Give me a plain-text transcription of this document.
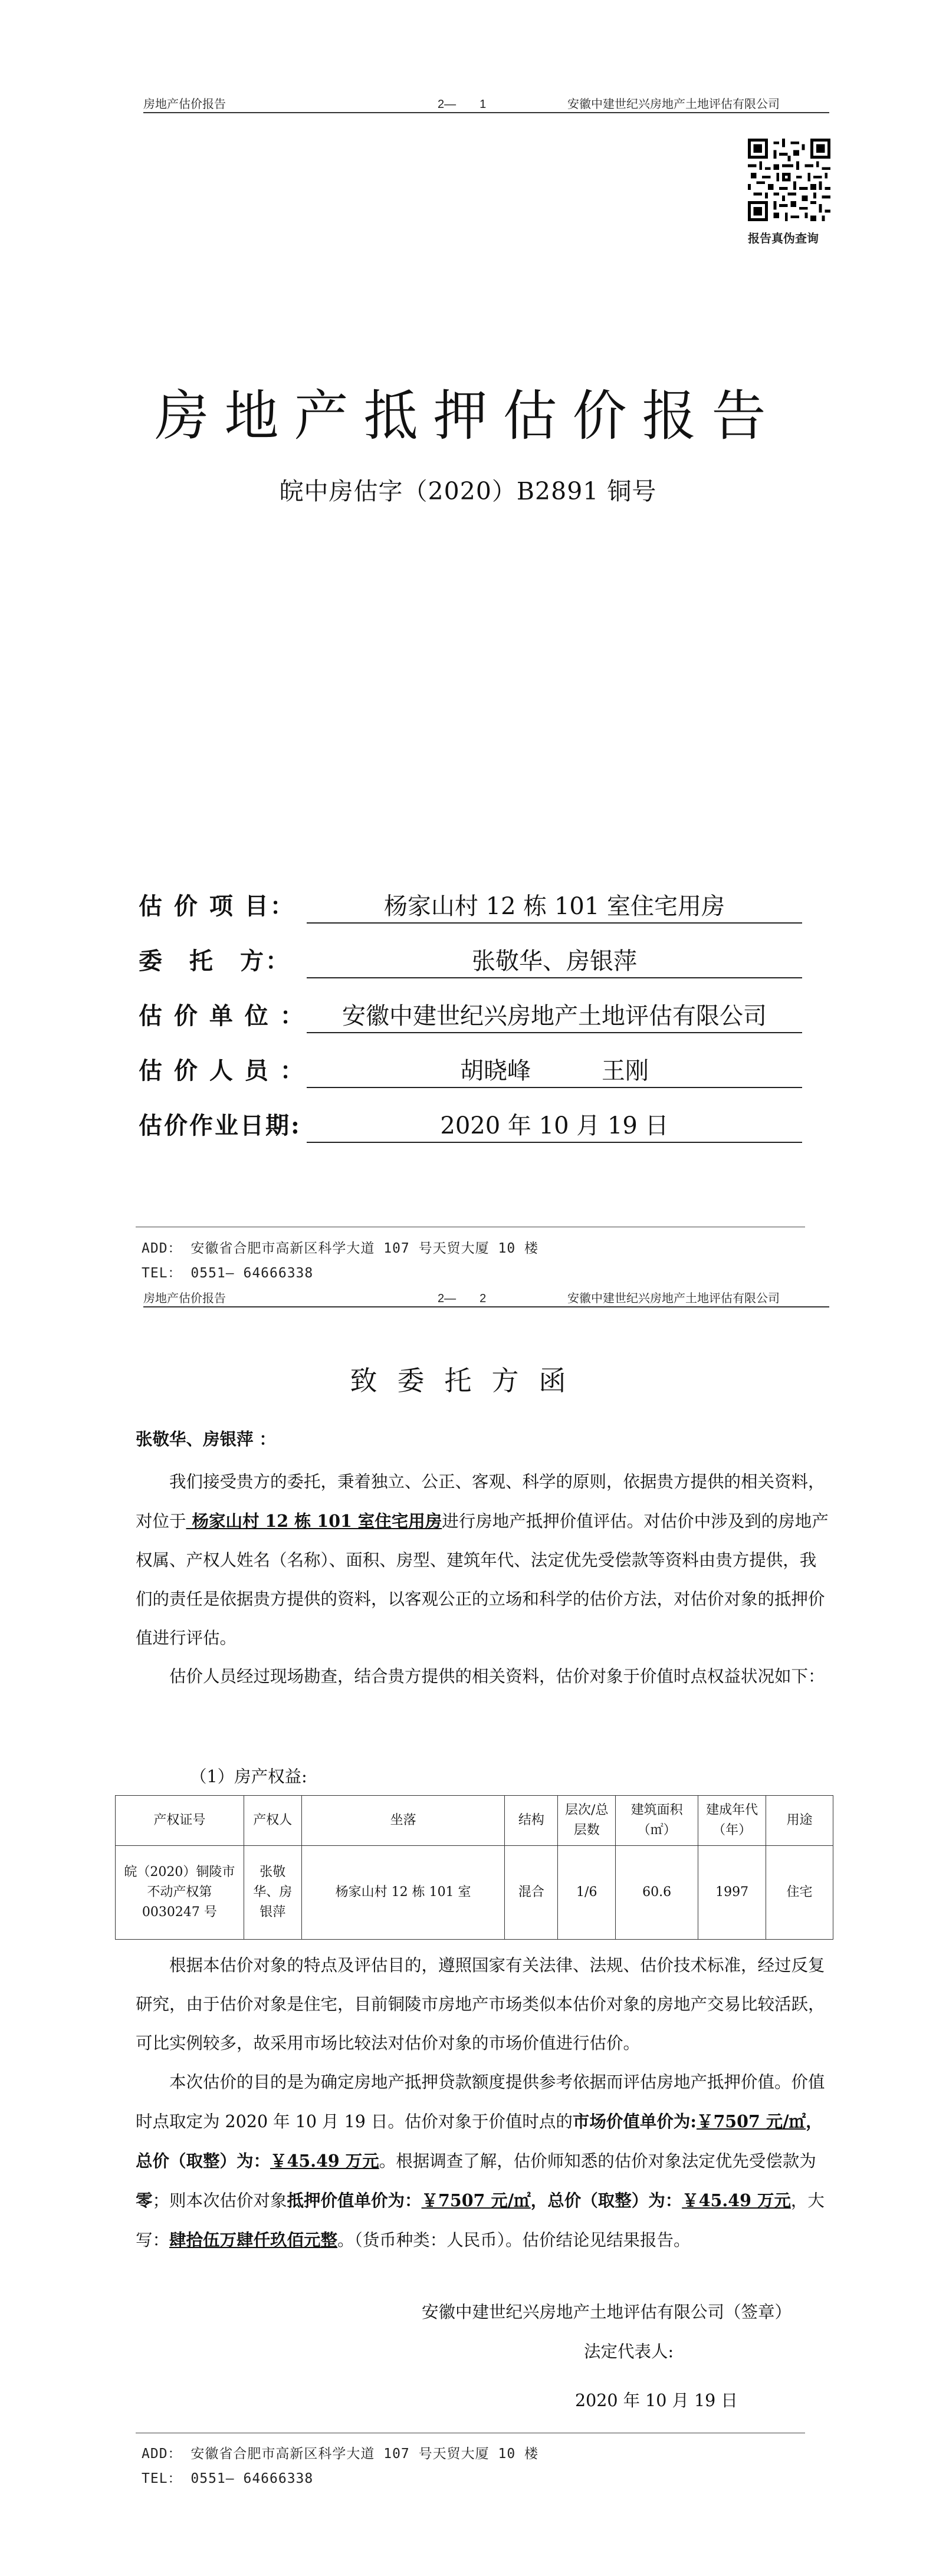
房地产估价报告	2—　　1	安徽中建世纪兴房地产土地评估有限公司
报告真伪查询
房地产抵押估价报告
皖中房估字（2020）B2891 铜号
估 价 项 目：	杨家山村 12 栋 101 室住宅用房
委　托　方：	张敬华、房银萍
估 价 单 位 ：	安徽中建世纪兴房地产土地评估有限公司
估 价 人 员 ：	胡晓峰　　　王刚
估价作业日期:	2020 年 10 月 19 日
ADD： 安徽省合肥市高新区科学大道 107 号天贸大厦 10 楼
TEL： 0551— 64666338
房地产估价报告	2—　　2	安徽中建世纪兴房地产土地评估有限公司
致委托方函
张敬华、房银萍 ：
我们接受贵方的委托，秉着独立、公正、客观、科学的原则，依据贵方提供的相关资料，对位于 杨家山村 12 栋 101 室住宅用房进行房地产抵押价值评估。对估价中涉及到的房地产权属、产权人姓名（名称）、面积、房型、建筑年代、法定优先受偿款等资料由贵方提供，我们的责任是依据贵方提供的资料，以客观公正的立场和科学的估价方法，对估价对象的抵押价值进行评估。
估价人员经过现场勘查，结合贵方提供的相关资料，估价对象于价值时点权益状况如下：
（1）房产权益:
产权证号	产权人	坐落	结构	层次/总层数	建筑面积（㎡）	建成年代（年）	用途
皖（2020）铜陵市不动产权第0030247 号	张敬华、房银萍	杨家山村 12 栋 101 室	混合	1/6	60.6	1997	住宅
根据本估价对象的特点及评估目的，遵照国家有关法律、法规、估价技术标准，经过反复研究，由于估价对象是住宅，目前铜陵市房地产市场类似本估价对象的房地产交易比较活跃，可比实例较多，故采用市场比较法对估价对象的市场价值进行估价。
本次估价的目的是为确定房地产抵押贷款额度提供参考依据而评估房地产抵押价值。价值时点取定为 2020 年 10 月 19 日。估价对象于价值时点的市场价值单价为:￥7507 元/㎡，总价（取整）为：￥45.49 万元。根据调查了解，估价师知悉的估价对象法定优先受偿款为零；则本次估价对象抵押价值单价为：￥7507 元/㎡，总价（取整）为：￥45.49 万元，大写：肆拾伍万肆仟玖佰元整。（货币种类：人民币）。估价结论见结果报告。
安徽中建世纪兴房地产土地评估有限公司（签章）
法定代表人:
2020 年 10 月 19 日
ADD： 安徽省合肥市高新区科学大道 107 号天贸大厦 10 楼
TEL： 0551— 64666338
